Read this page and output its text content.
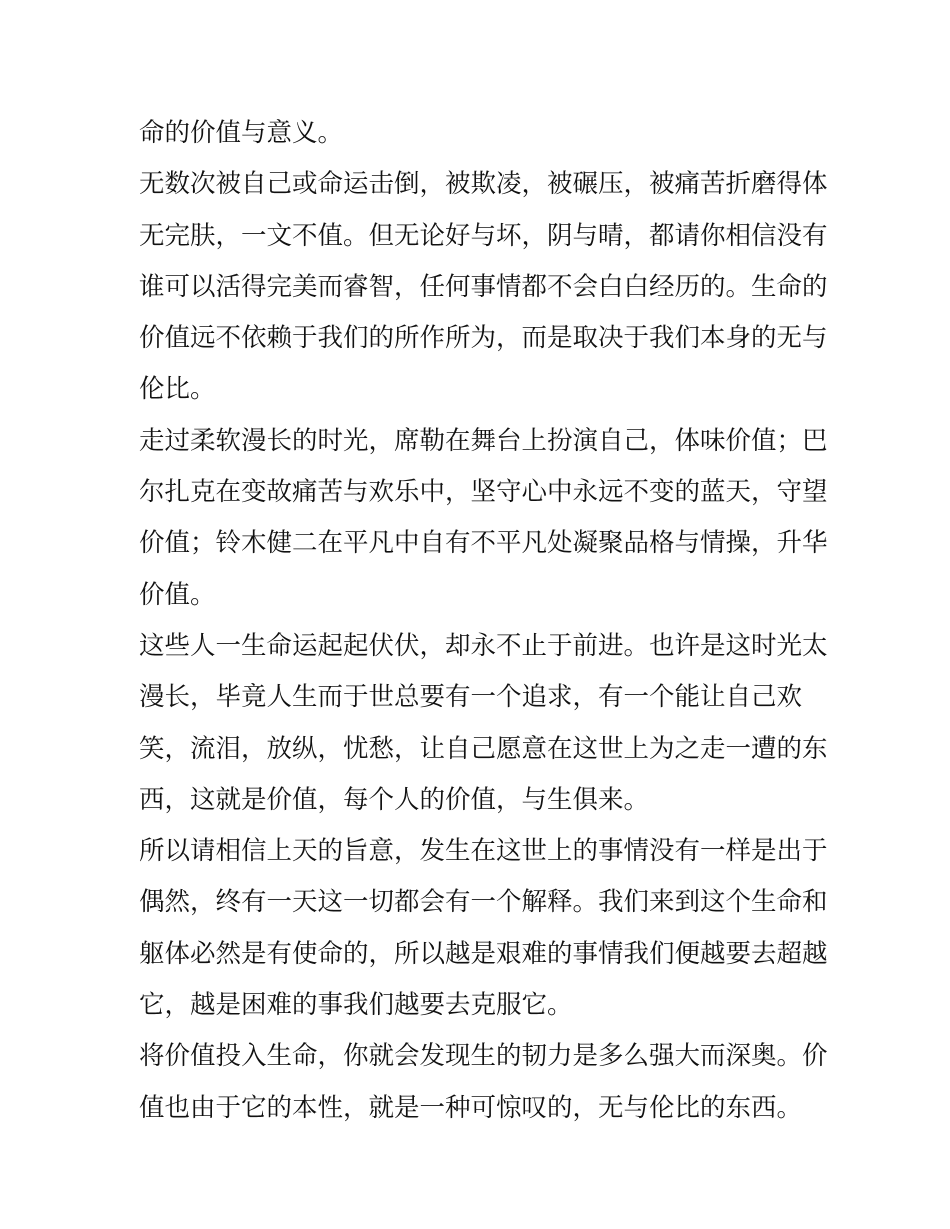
命的价值与意义。

无数次被自己或命运击倒，被欺凌，被碾压，被痛苦折磨得体
无完肤，一文不值。但无论好与坏，阴与晴，都请你相信没有
谁可以活得完美而睿智，任何事情都不会白白经历的。生命的
价值远不依赖于我们的所作所为，而是取决于我们本身的无与
伦比。

走过柔软漫长的时光，席勒在舞台上扮演自己，体味价值；巴
尔扎克在变故痛苦与欢乐中，坚守心中永远不变的蓝天，守望
价值；铃木健二在平凡中自有不平凡处凝聚品格与情操，升华
价值。

这些人一生命运起起伏伏，却永不止于前进。也许是这时光太
漫长，毕竟人生而于世总要有一个追求，有一个能让自己欢
笑，流泪，放纵，忧愁，让自己愿意在这世上为之走一遭的东
西，这就是价值，每个人的价值，与生俱来。

所以请相信上天的旨意，发生在这世上的事情没有一样是出于
偶然，终有一天这一切都会有一个解释。我们来到这个生命和
躯体必然是有使命的，所以越是艰难的事情我们便越要去超越
它，越是困难的事我们越要去克服它。

将价值投入生命，你就会发现生的韧力是多么强大而深奥。价
值也由于它的本性，就是一种可惊叹的，无与伦比的东西。
